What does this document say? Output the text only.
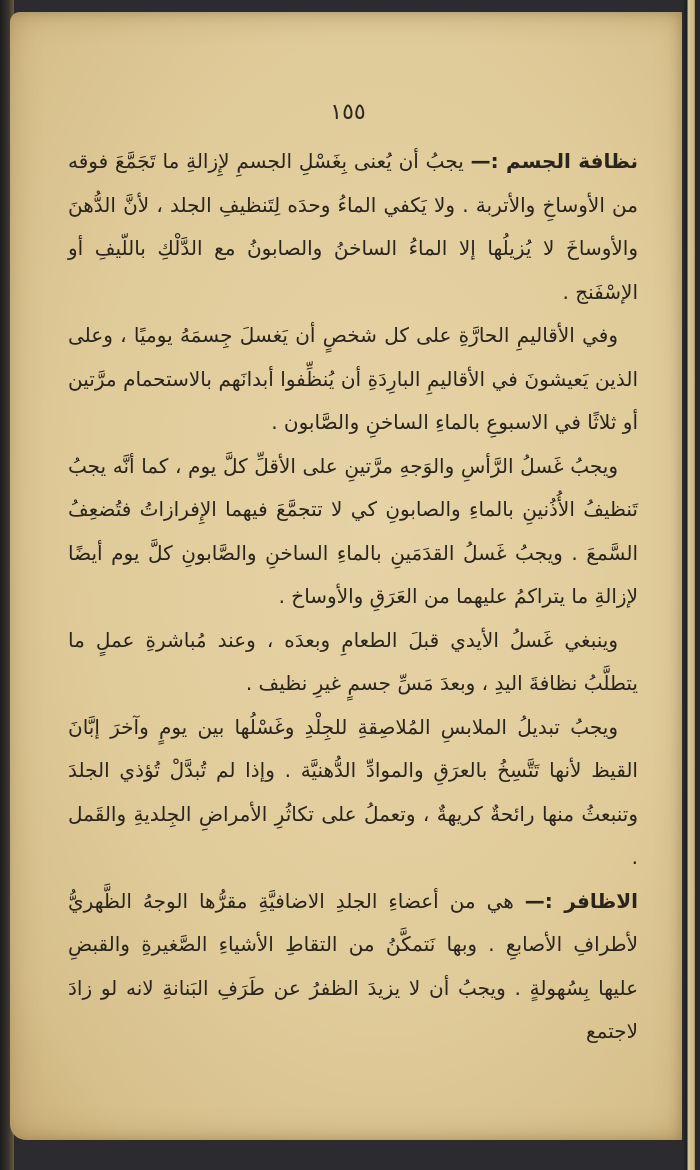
١٥٥

نظافة الجسم :— يجبُ أن يُعنى بِغَسْلِ الجسمِ لإِزالةِ ما تَجَمَّعَ فوقه من الأوساخِ والأتربة . ولا يَكفي الماءُ وحدَه لِتَنظيفِ الجلد ، لأنَّ الدُّهنَ والأوساخَ لا يُزيلُها إلا الماءُ الساخنُ والصابونُ مع الدَّلْكِ باللّيفِ أو الإسْفَنج .

وفي الأقاليمِ الحارَّةِ على كل شخصٍ أن يَغسلَ جِسمَهُ يوميًا ، وعلى الذين يَعيشونَ في الأقاليمِ البارِدَةِ أن يُنظِّفوا أبدانَهم بالاستحمام مرَّتين أو ثلاثًا في الاسبوعِ بالماءِ الساخنِ والصَّابون .

ويجبُ غَسلُ الرَّأسِ والوَجهِ مرَّتينِ على الأقلِّ كلَّ يوم ، كما أنَّه يجبُ تَنظيفُ الأُذُنينِ بالماءِ والصابونِ كي لا تتجمَّعَ فيهما الإِفرازاتُ فتُضعِفُ السَّمعَ . ويجبُ غَسلُ القدَمَينِ بالماءِ الساخنِ والصَّابونِ كلَّ يوم أيضًا لإزالةِ ما يتراكمُ عليهما من العَرَقِ والأوساخ .

وينبغي غَسلُ الأيدي قبلَ الطعامِ وبعدَه ، وعند مُباشرةِ عملٍ ما يتطلَّبُ نظافةَ اليدِ ، وبعدَ مَسِّ جسمٍ غيرِ نظيف .

ويجبُ تبديلُ الملابسِ المُلاصِقةِ للجِلْدِ وغَسْلُها بين يومٍ وآخرَ إبَّانَ القيظ لأنها تَتَّسِخُ بالعرَقِ والموادِّ الدُّهنيَّة . وإذا لم تُبدَّلْ تُؤذي الجلدَ وتنبعثُ منها رائحةٌ كريهةٌ ، وتعملُ على تكاثُرِ الأمراضِ الجِلديةِ والقَمل .

الاظافر :— هي من أعضاءِ الجلدِ الاضافيَّةِ مقرُّها الوجهُ الظَّهريُّ لأطرافِ الأصابعِ . وبها نَتمكَّنُ من التقاطِ الأشياءِ الصَّغيرةِ والقبضِ عليها بِسُهولةٍ . ويجبُ أن لا يزيدَ الظفرُ عن طَرَفِ البَنانةِ لانه لو زادَ لاجتمع
